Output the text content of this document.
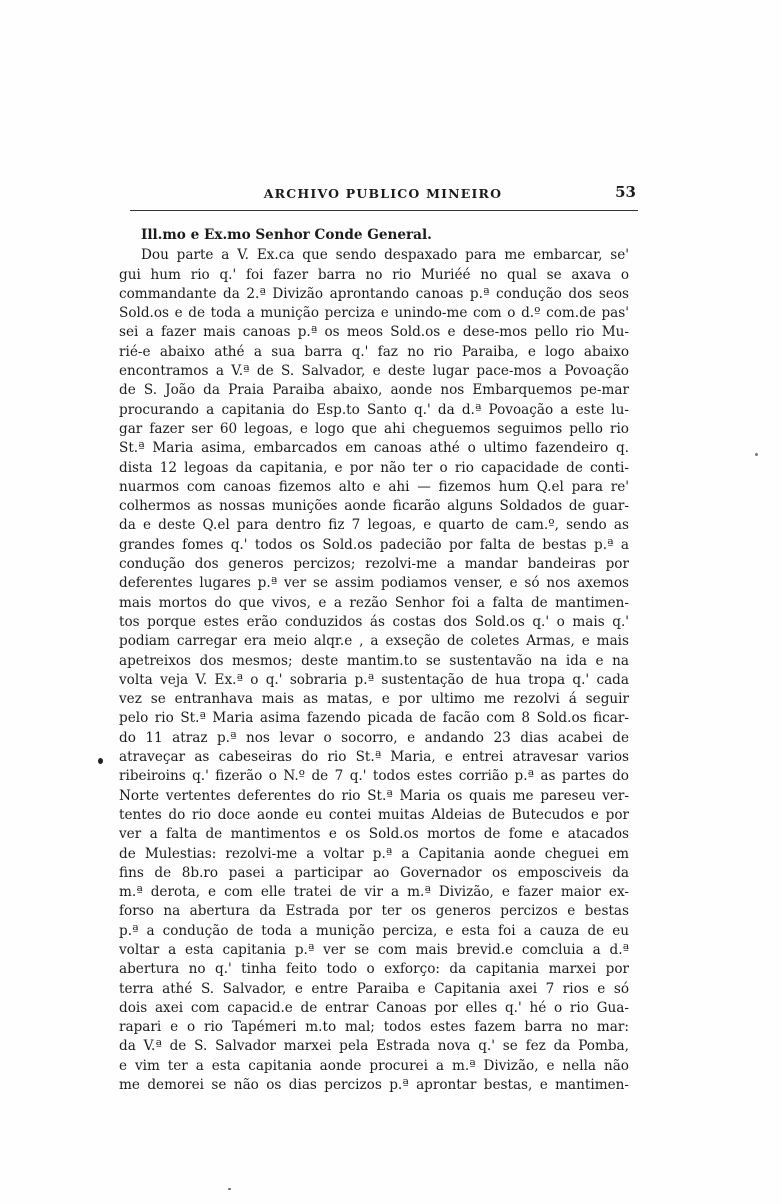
ARCHIVO PUBLICO MINEIRO	53
Ill.mo e Ex.mo Senhor Conde General.
Dou parte a V. Ex.ca que sendo despaxado para me embarcar, se'
gui hum rio q.' foi fazer barra no rio Muriéé no qual se axava o
commandante da 2.ª Divizão aprontando canoas p.ª condução dos seos
Sold.os e de toda a munição perciza e unindo-me com o d.º com.de pas'
sei a fazer mais canoas p.ª os meos Sold.os e dese-mos pello rio Mu-
rié-e abaixo athé a sua barra q.' faz no rio Paraiba, e logo abaixo
encontramos a V.ª de S. Salvador, e deste lugar pace-mos a Povoação
de S. João da Praia Paraiba abaixo, aonde nos Embarquemos pe-mar
procurando a capitania do Esp.to Santo q.' da d.ª Povoação a este lu-
gar fazer ser 60 legoas, e logo que ahi cheguemos seguimos pello rio
St.ª Maria asima, embarcados em canoas athé o ultimo fazendeiro q.
dista 12 legoas da capitania, e por não ter o rio capacidade de conti-
nuarmos com canoas fizemos alto e ahi — fizemos hum Q.el para re'
colhermos as nossas munições aonde ficarão alguns Soldados de guar-
da e deste Q.el para dentro fiz 7 legoas, e quarto de cam.º, sendo as
grandes fomes q.' todos os Sold.os padecião por falta de bestas p.ª a
condução dos generos percizos; rezolvi-me a mandar bandeiras por
deferentes lugares p.ª ver se assim podiamos venser, e só nos axemos
mais mortos do que vivos, e a rezão Senhor foi a falta de mantimen-
tos porque estes erão conduzidos ás costas dos Sold.os q.' o mais q.'
podiam carregar era meio alqr.e , a exseção de coletes Armas, e mais
apetreixos dos mesmos; deste mantim.to se sustentavão na ida e na
volta veja V. Ex.ª o q.' sobraria p.ª sustentação de hua tropa q.' cada
vez se entranhava mais as matas, e por ultimo me rezolvi á seguir
pelo rio St.ª Maria asima fazendo picada de facão com 8 Sold.os ficar-
do 11 atraz p.ª nos levar o socorro, e andando 23 dias acabei de
atraveçar as cabeseiras do rio St.ª Maria, e entrei atravesar varios
ribeiroins q.' fizerão o N.º de 7 q.' todos estes corrião p.ª as partes do
Norte vertentes deferentes do rio St.ª Maria os quais me pareseu ver-
tentes do rio doce aonde eu contei muitas Aldeias de Butecudos e por
ver a falta de mantimentos e os Sold.os mortos de fome e atacados
de Mulestias: rezolvi-me a voltar p.ª a Capitania aonde cheguei em
fins de 8b.ro pasei a participar ao Governador os emposciveis da
m.ª derota, e com elle tratei de vir a m.ª Divizão, e fazer maior ex-
forso na abertura da Estrada por ter os generos percizos e bestas
p.ª a condução de toda a munição perciza, e esta foi a cauza de eu
voltar a esta capitania p.ª ver se com mais brevid.e comcluia a d.ª
abertura no q.' tinha feito todo o exforço: da capitania marxei por
terra athé S. Salvador, e entre Paraiba e Capitania axei 7 rios e só
dois axei com capacid.e de entrar Canoas por elles q.' hé o rio Gua-
rapari e o rio Tapémeri m.to mal; todos estes fazem barra no mar:
da V.ª de S. Salvador marxei pela Estrada nova q.' se fez da Pomba,
e vim ter a esta capitania aonde procurei a m.ª Divizão, e nella não
me demorei se não os dias percizos p.ª aprontar bestas, e mantimen-
